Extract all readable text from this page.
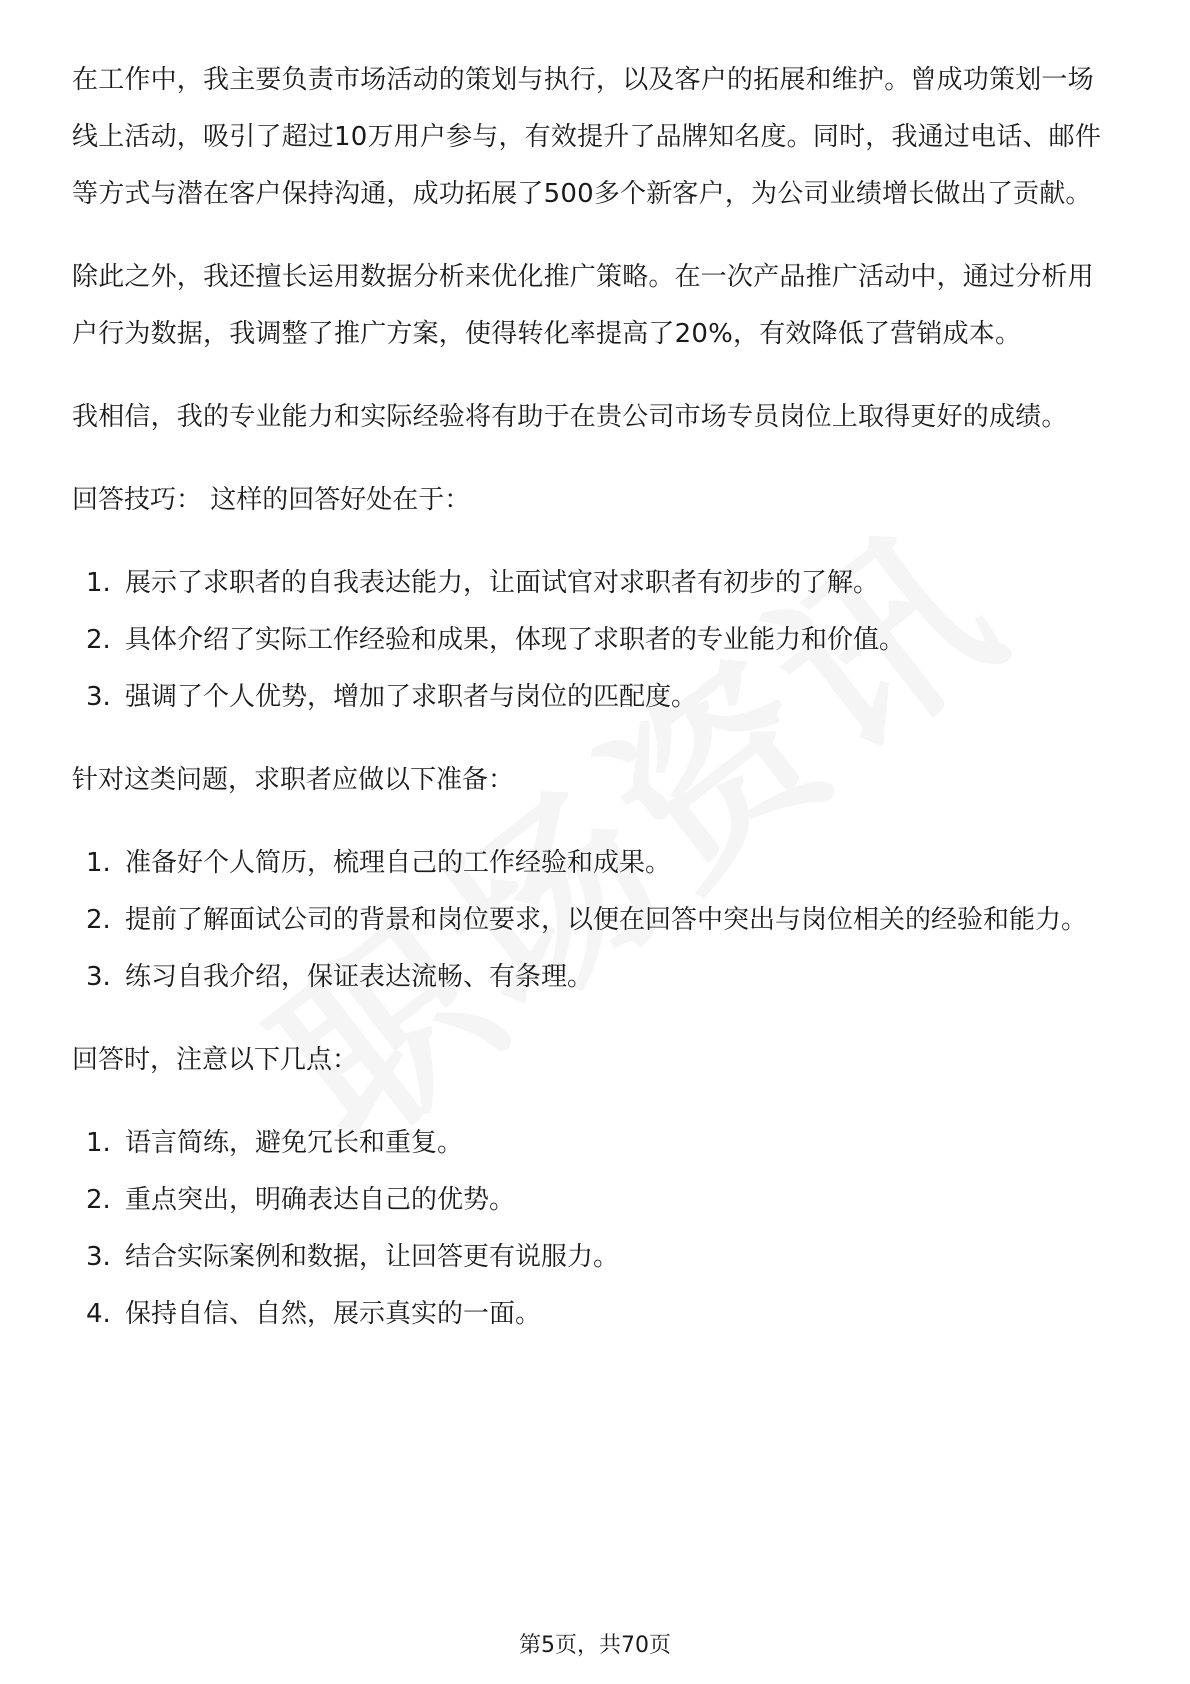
在工作中，我主要负责市场活动的策划与执行，以及客户的拓展和维护。曾成功策划一场线上活动，吸引了超过10万用户参与，有效提升了品牌知名度。同时，我通过电话、邮件等方式与潜在客户保持沟通，成功拓展了500多个新客户，为公司业绩增长做出了贡献。

除此之外，我还擅长运用数据分析来优化推广策略。在一次产品推广活动中，通过分析用户行为数据，我调整了推广方案，使得转化率提高了20%，有效降低了营销成本。

我相信，我的专业能力和实际经验将有助于在贵公司市场专员岗位上取得更好的成绩。

回答技巧： 这样的回答好处在于：

1. 展示了求职者的自我表达能力，让面试官对求职者有初步的了解。
2. 具体介绍了实际工作经验和成果，体现了求职者的专业能力和价值。
3. 强调了个人优势，增加了求职者与岗位的匹配度。

针对这类问题，求职者应做以下准备：

1. 准备好个人简历，梳理自己的工作经验和成果。
2. 提前了解面试公司的背景和岗位要求，以便在回答中突出与岗位相关的经验和能力。
3. 练习自我介绍，保证表达流畅、有条理。

回答时，注意以下几点：

1. 语言简练，避免冗长和重复。
2. 重点突出，明确表达自己的优势。
3. 结合实际案例和数据，让回答更有说服力。
4. 保持自信、自然，展示真实的一面。
第5页，共70页
